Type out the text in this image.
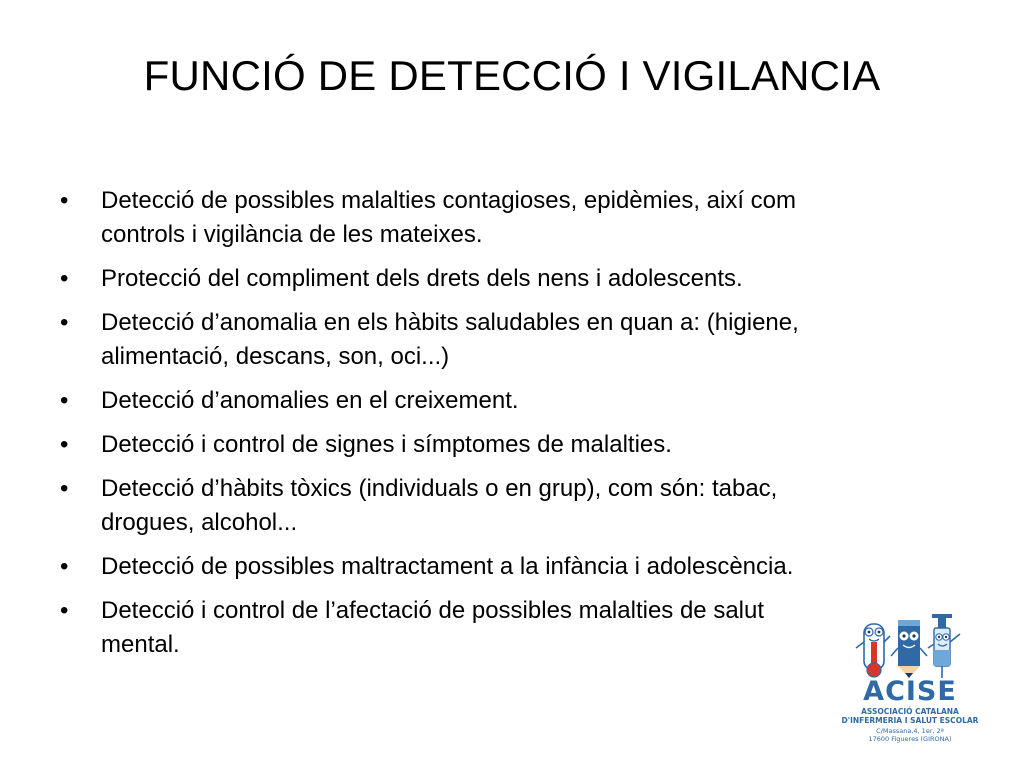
FUNCIÓ DE DETECCIÓ I VIGILANCIA
•	Detecció de possibles malalties contagioses, epidèmies, així com
controls i vigilància de les mateixes.
•	Protecció del compliment dels drets dels nens i adolescents.
•	Detecció d’anomalia en els hàbits saludables en quan a: (higiene,
alimentació, descans, son, oci...)
•	Detecció d’anomalies en el creixement.
•	Detecció i control de signes i símptomes de malalties.
•	Detecció d’hàbits tòxics (individuals o en grup), com són: tabac,
drogues, alcohol...
•	Detecció de possibles maltractament a la infància i adolescència.
•	Detecció i control de l’afectació de possibles malalties de salut
mental.
ACISE
ASSOCIACIÓ CATALANA
D'INFERMERIA I SALUT ESCOLAR
C/Massana,4, 1er, 2ª
17600 Figueres (GIRONA)
